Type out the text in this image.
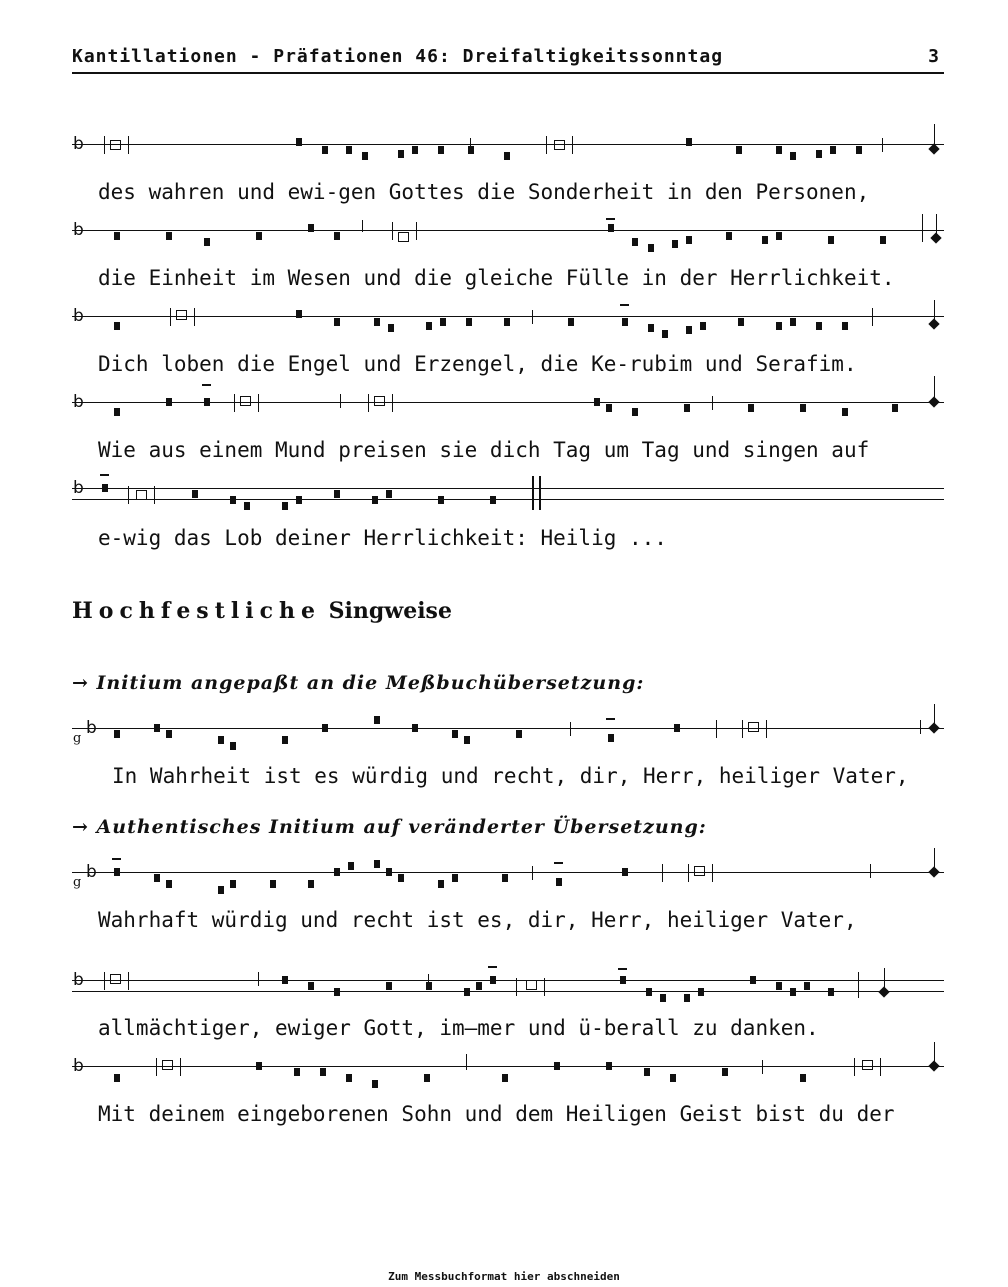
Kantillationen - Präfationen 46: Dreifaltigkeitssonntag	3
b
des wahren und ewi-gen Gottes die Sonderheit in den Personen,
b
die Einheit im Wesen und die gleiche Fülle in der Herrlichkeit.
b
Dich loben die Engel und Erzengel, die Ke-rubim und Serafim.
b
Wie aus einem Mund preisen sie dich Tag um Tag und singen auf
b
e-wig das Lob deiner Herrlichkeit: Heilig ...
Hochfestliche Singweise
→ Initium angepaßt an die Meßbuchübersetzung:
b
g
In Wahrheit ist es würdig und recht, dir, Herr, heiliger Vater,
→ Authentisches Initium auf veränderter Übersetzung:
b
g
Wahrhaft würdig und recht ist es, dir, Herr, heiliger Vater,
b
allmächtiger, ewiger Gott, im—mer und ü-berall zu danken.
b
Mit deinem eingeborenen Sohn und dem Heiligen Geist bist du der
Zum Messbuchformat hier abschneiden
